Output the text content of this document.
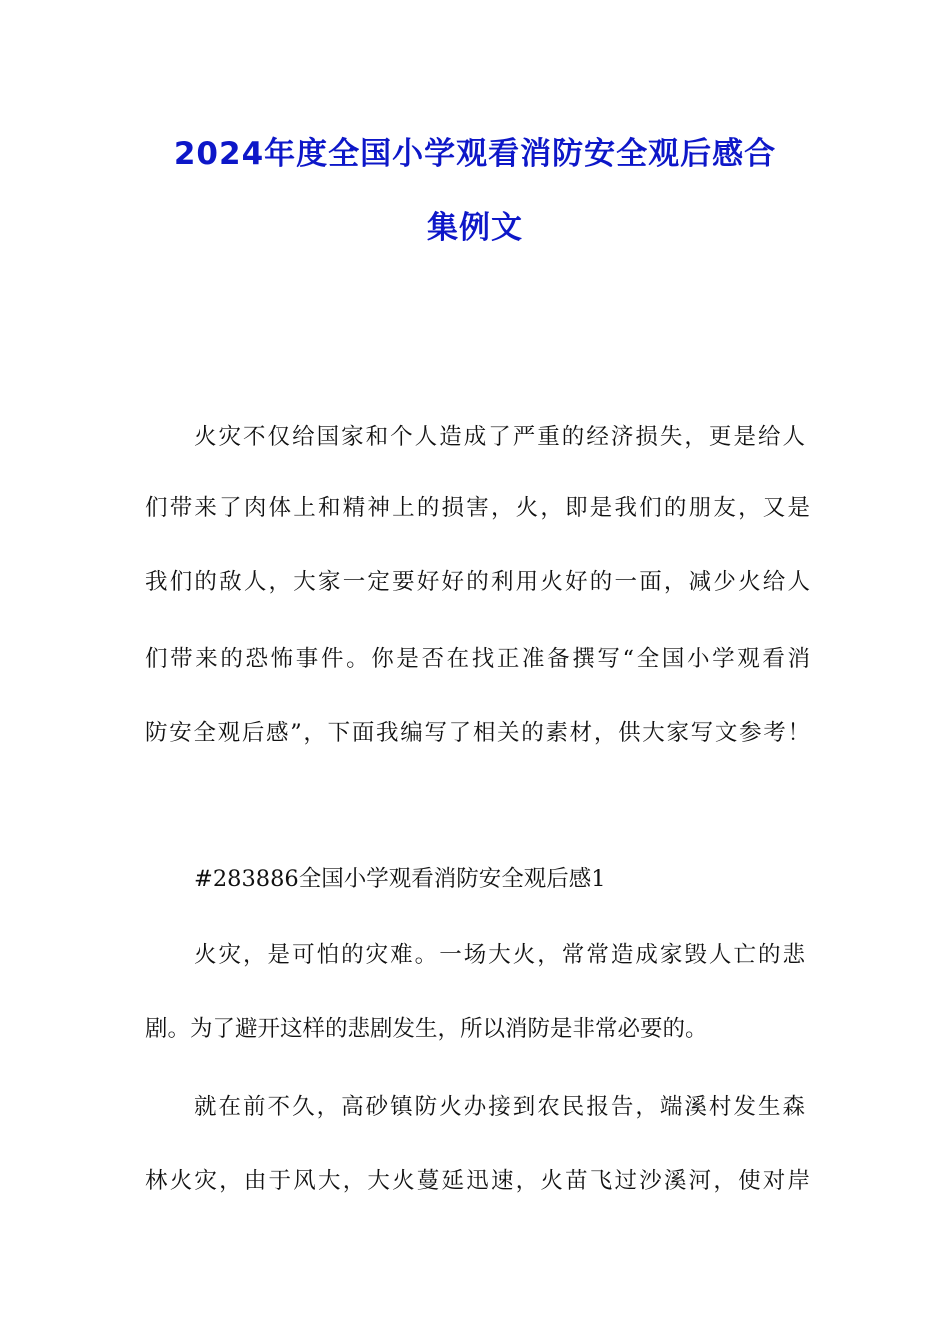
2024年度全国小学观看消防安全观后感合
集例文
火灾不仅给国家和个人造成了严重的经济损失，更是给人
们带来了肉体上和精神上的损害，火，即是我们的朋友，又是
我们的敌人，大家一定要好好的利用火好的一面，减少火给人
们带来的恐怖事件。你是否在找正准备撰写“全国小学观看消
防安全观后感”，下面我编写了相关的素材，供大家写文参考！
#283886全国小学观看消防安全观后感1
火灾，是可怕的灾难。一场大火，常常造成家毁人亡的悲
剧。为了避开这样的悲剧发生，所以消防是非常必要的。
就在前不久，高砂镇防火办接到农民报告，端溪村发生森
林火灾，由于风大，大火蔓延迅速，火苗飞过沙溪河，使对岸
